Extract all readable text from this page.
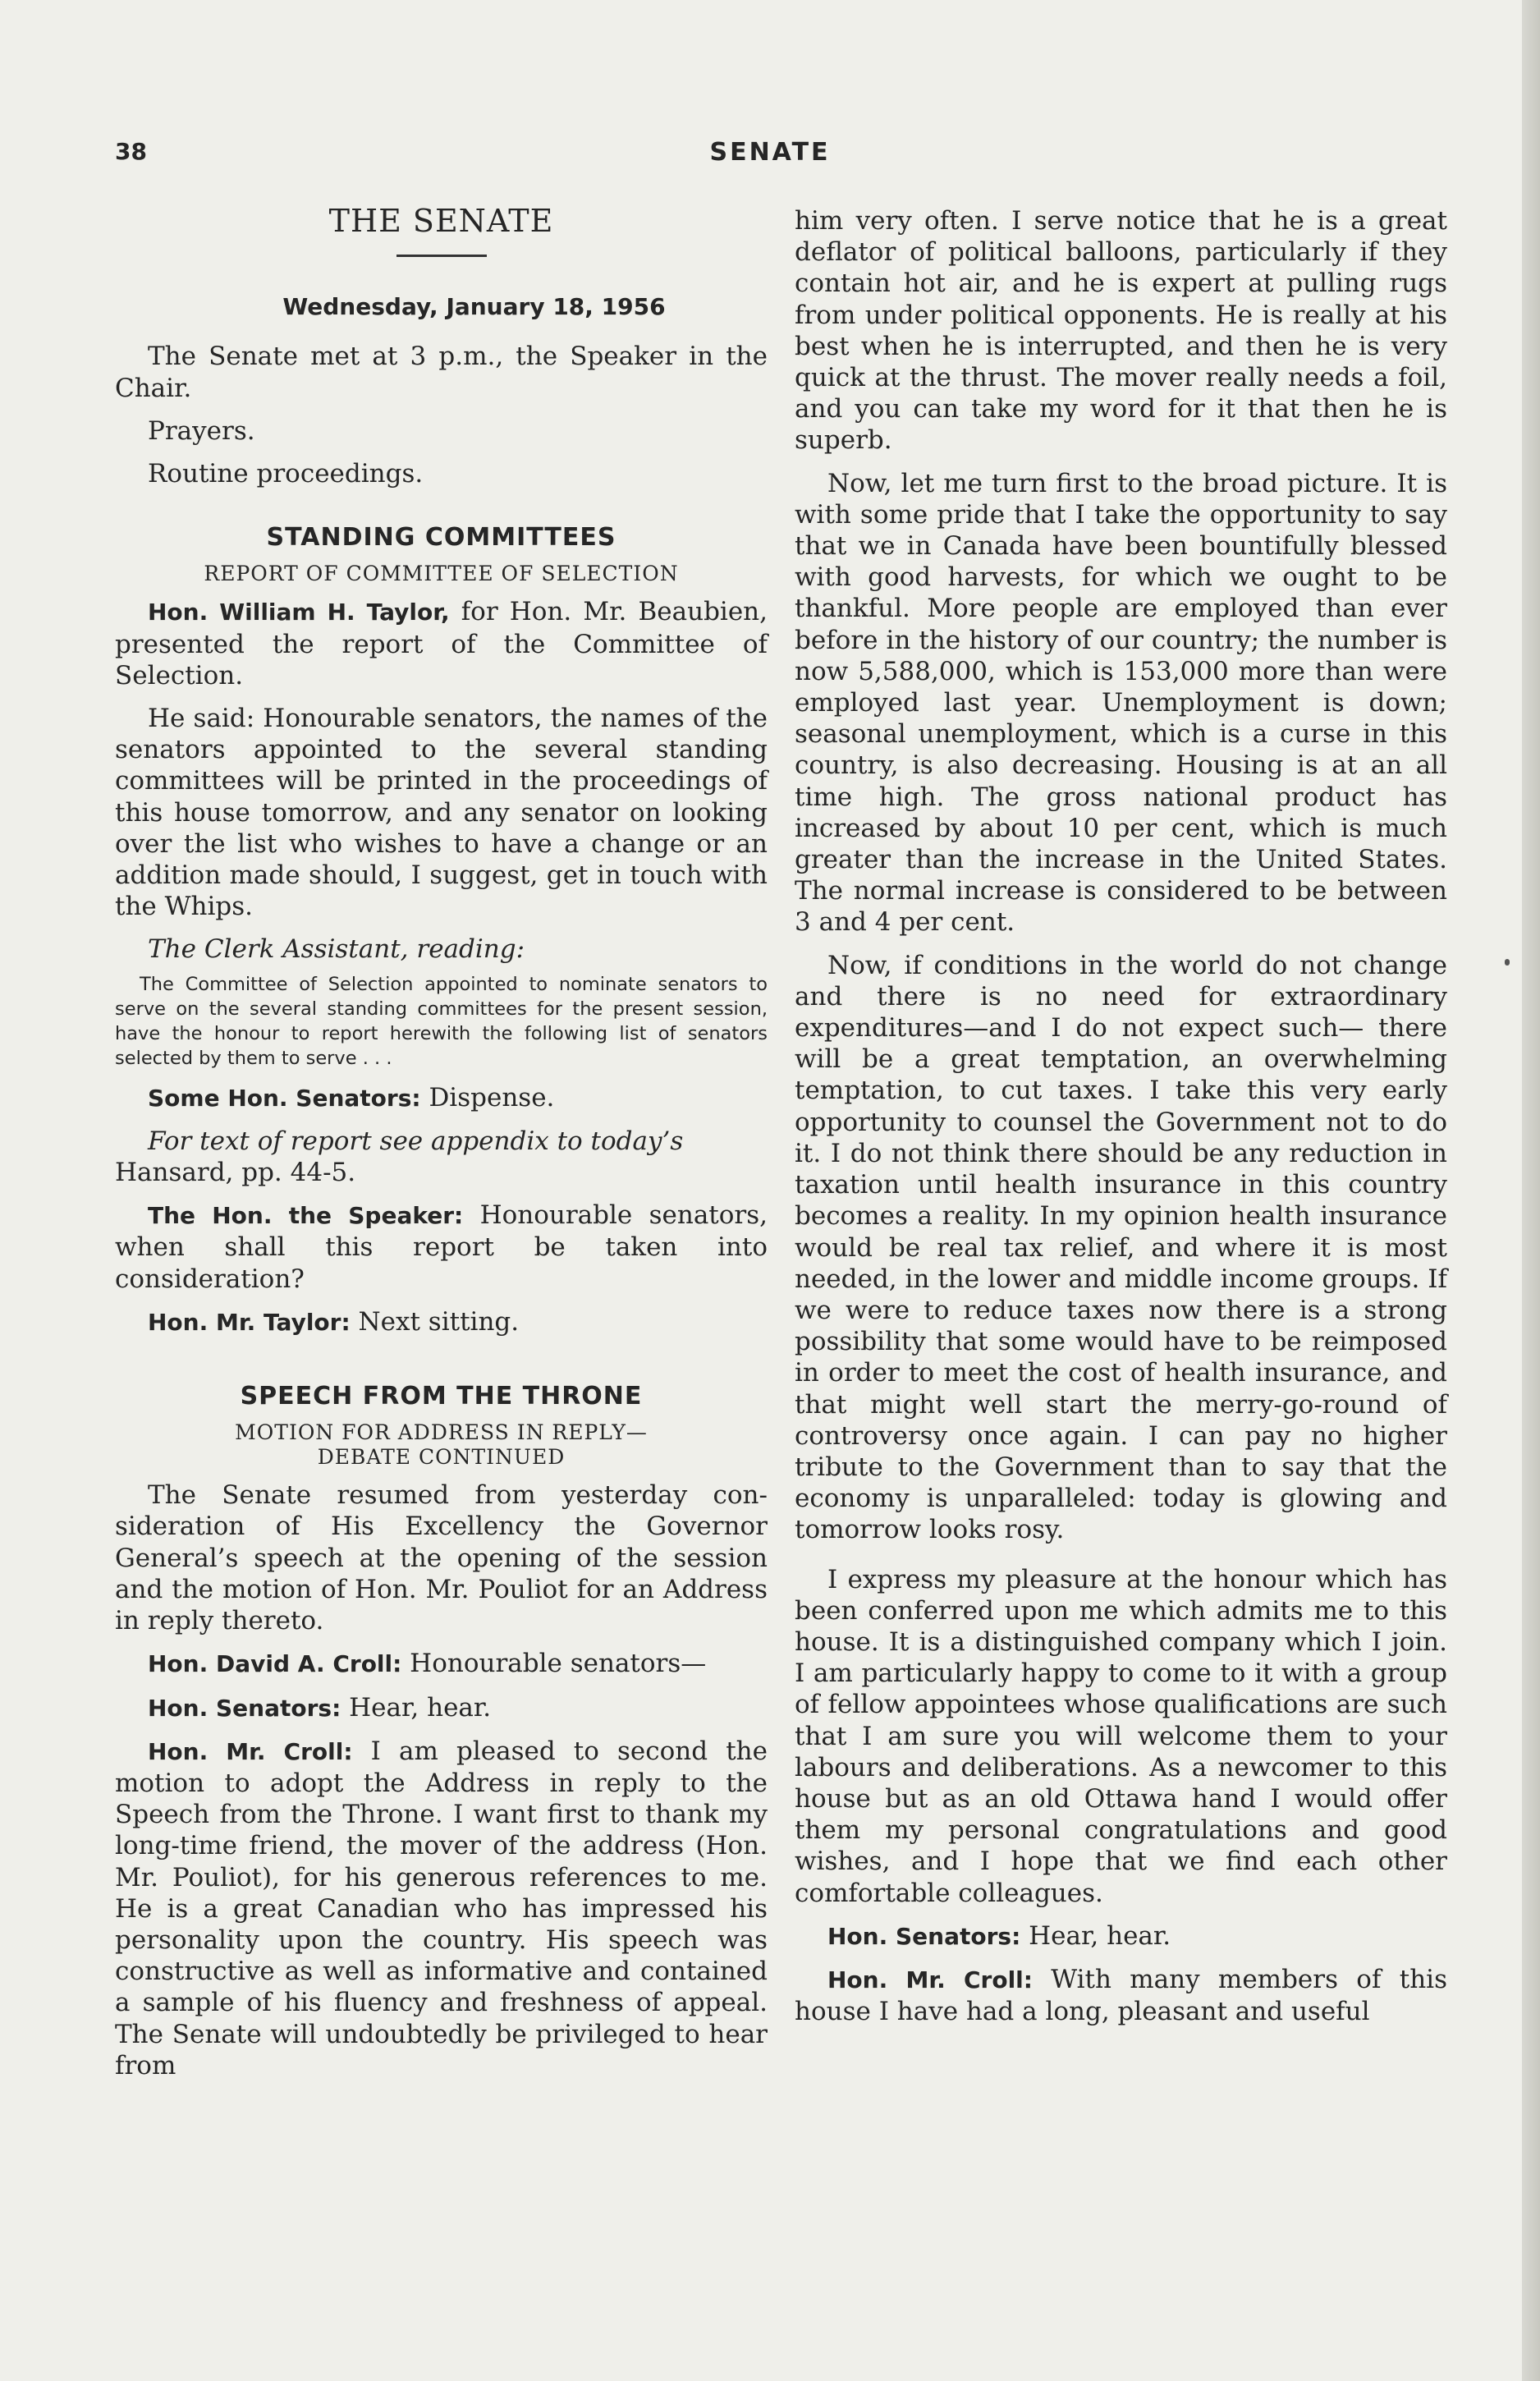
38	SENATE
THE SENATE
Wednesday, January 18, 1956

The Senate met at 3 p.m., the Speaker in the Chair.

Prayers.

Routine proceedings.

STANDING COMMITTEES
REPORT OF COMMITTEE OF SELECTION

Hon. William H. Taylor, for Hon. Mr. Beaubien, presented the report of the Committee of Selection.

He said: Honourable senators, the names of the senators appointed to the several standing committees will be printed in the proceedings of this house tomorrow, and any senator on looking over the list who wishes to have a change or an addition made should, I suggest, get in touch with the Whips.

The Clerk Assistant, reading:

The Committee of Selection appointed to nominate senators to serve on the several standing committees for the present session, have the honour to report herewith the following list of senators selected by them to serve . . .

Some Hon. Senators: Dispense.

For text of report see appendix to today’s

Hansard, pp. 44-5.

The Hon. the Speaker: Honourable senators, when shall this report be taken into consideration?

Hon. Mr. Taylor: Next sitting.

SPEECH FROM THE THRONE
MOTION FOR ADDRESS IN REPLY—
DEBATE CONTINUED

The Senate resumed from yesterday consideration of His Excellency the Governor General’s speech at the opening of the session and the motion of Hon. Mr. Pouliot for an Address in reply thereto.

Hon. David A. Croll: Honourable senators—

Hon. Senators: Hear, hear.

Hon. Mr. Croll: I am pleased to second the motion to adopt the Address in reply to the Speech from the Throne. I want first to thank my long-time friend, the mover of the address (Hon. Mr. Pouliot), for his generous references to me. He is a great Canadian who has impressed his personality upon the country. His speech was constructive as well as informative and contained a sample of his fluency and freshness of appeal. The Senate will undoubtedly be privileged to hear from

him very often. I serve notice that he is a great deflator of political balloons, particularly if they contain hot air, and he is expert at pulling rugs from under political opponents. He is really at his best when he is interrupted, and then he is very quick at the thrust. The mover really needs a foil, and you can take my word for it that then he is superb.

Now, let me turn first to the broad picture. It is with some pride that I take the opportunity to say that we in Canada have been bountifully blessed with good harvests, for which we ought to be thankful. More people are employed than ever before in the history of our country; the number is now 5,588,000, which is 153,000 more than were employed last year. Unemployment is down; seasonal unemployment, which is a curse in this country, is also decreasing. Housing is at an all time high. The gross national product has increased by about 10 per cent, which is much greater than the increase in the United States. The normal increase is considered to be between 3 and 4 per cent.

Now, if conditions in the world do not change and there is no need for extraordinary expenditures—and I do not expect such— there will be a great temptation, an overwhelming temptation, to cut taxes. I take this very early opportunity to counsel the Government not to do it. I do not think there should be any reduction in taxation until health insurance in this country becomes a reality. In my opinion health insurance would be real tax relief, and where it is most needed, in the lower and middle income groups. If we were to reduce taxes now there is a strong possibility that some would have to be reimposed in order to meet the cost of health insurance, and that might well start the merry-go-round of controversy once again. I can pay no higher tribute to the Government than to say that the economy is unparalleled: today is glowing and tomorrow looks rosy.

I express my pleasure at the honour which has been conferred upon me which admits me to this house. It is a distinguished company which I join. I am particularly happy to come to it with a group of fellow appointees whose qualifications are such that I am sure you will welcome them to your labours and deliberations. As a newcomer to this house but as an old Ottawa hand I would offer them my personal congratulations and good wishes, and I hope that we find each other comfortable colleagues.

Hon. Senators: Hear, hear.

Hon. Mr. Croll: With many members of this house I have had a long, pleasant and useful
